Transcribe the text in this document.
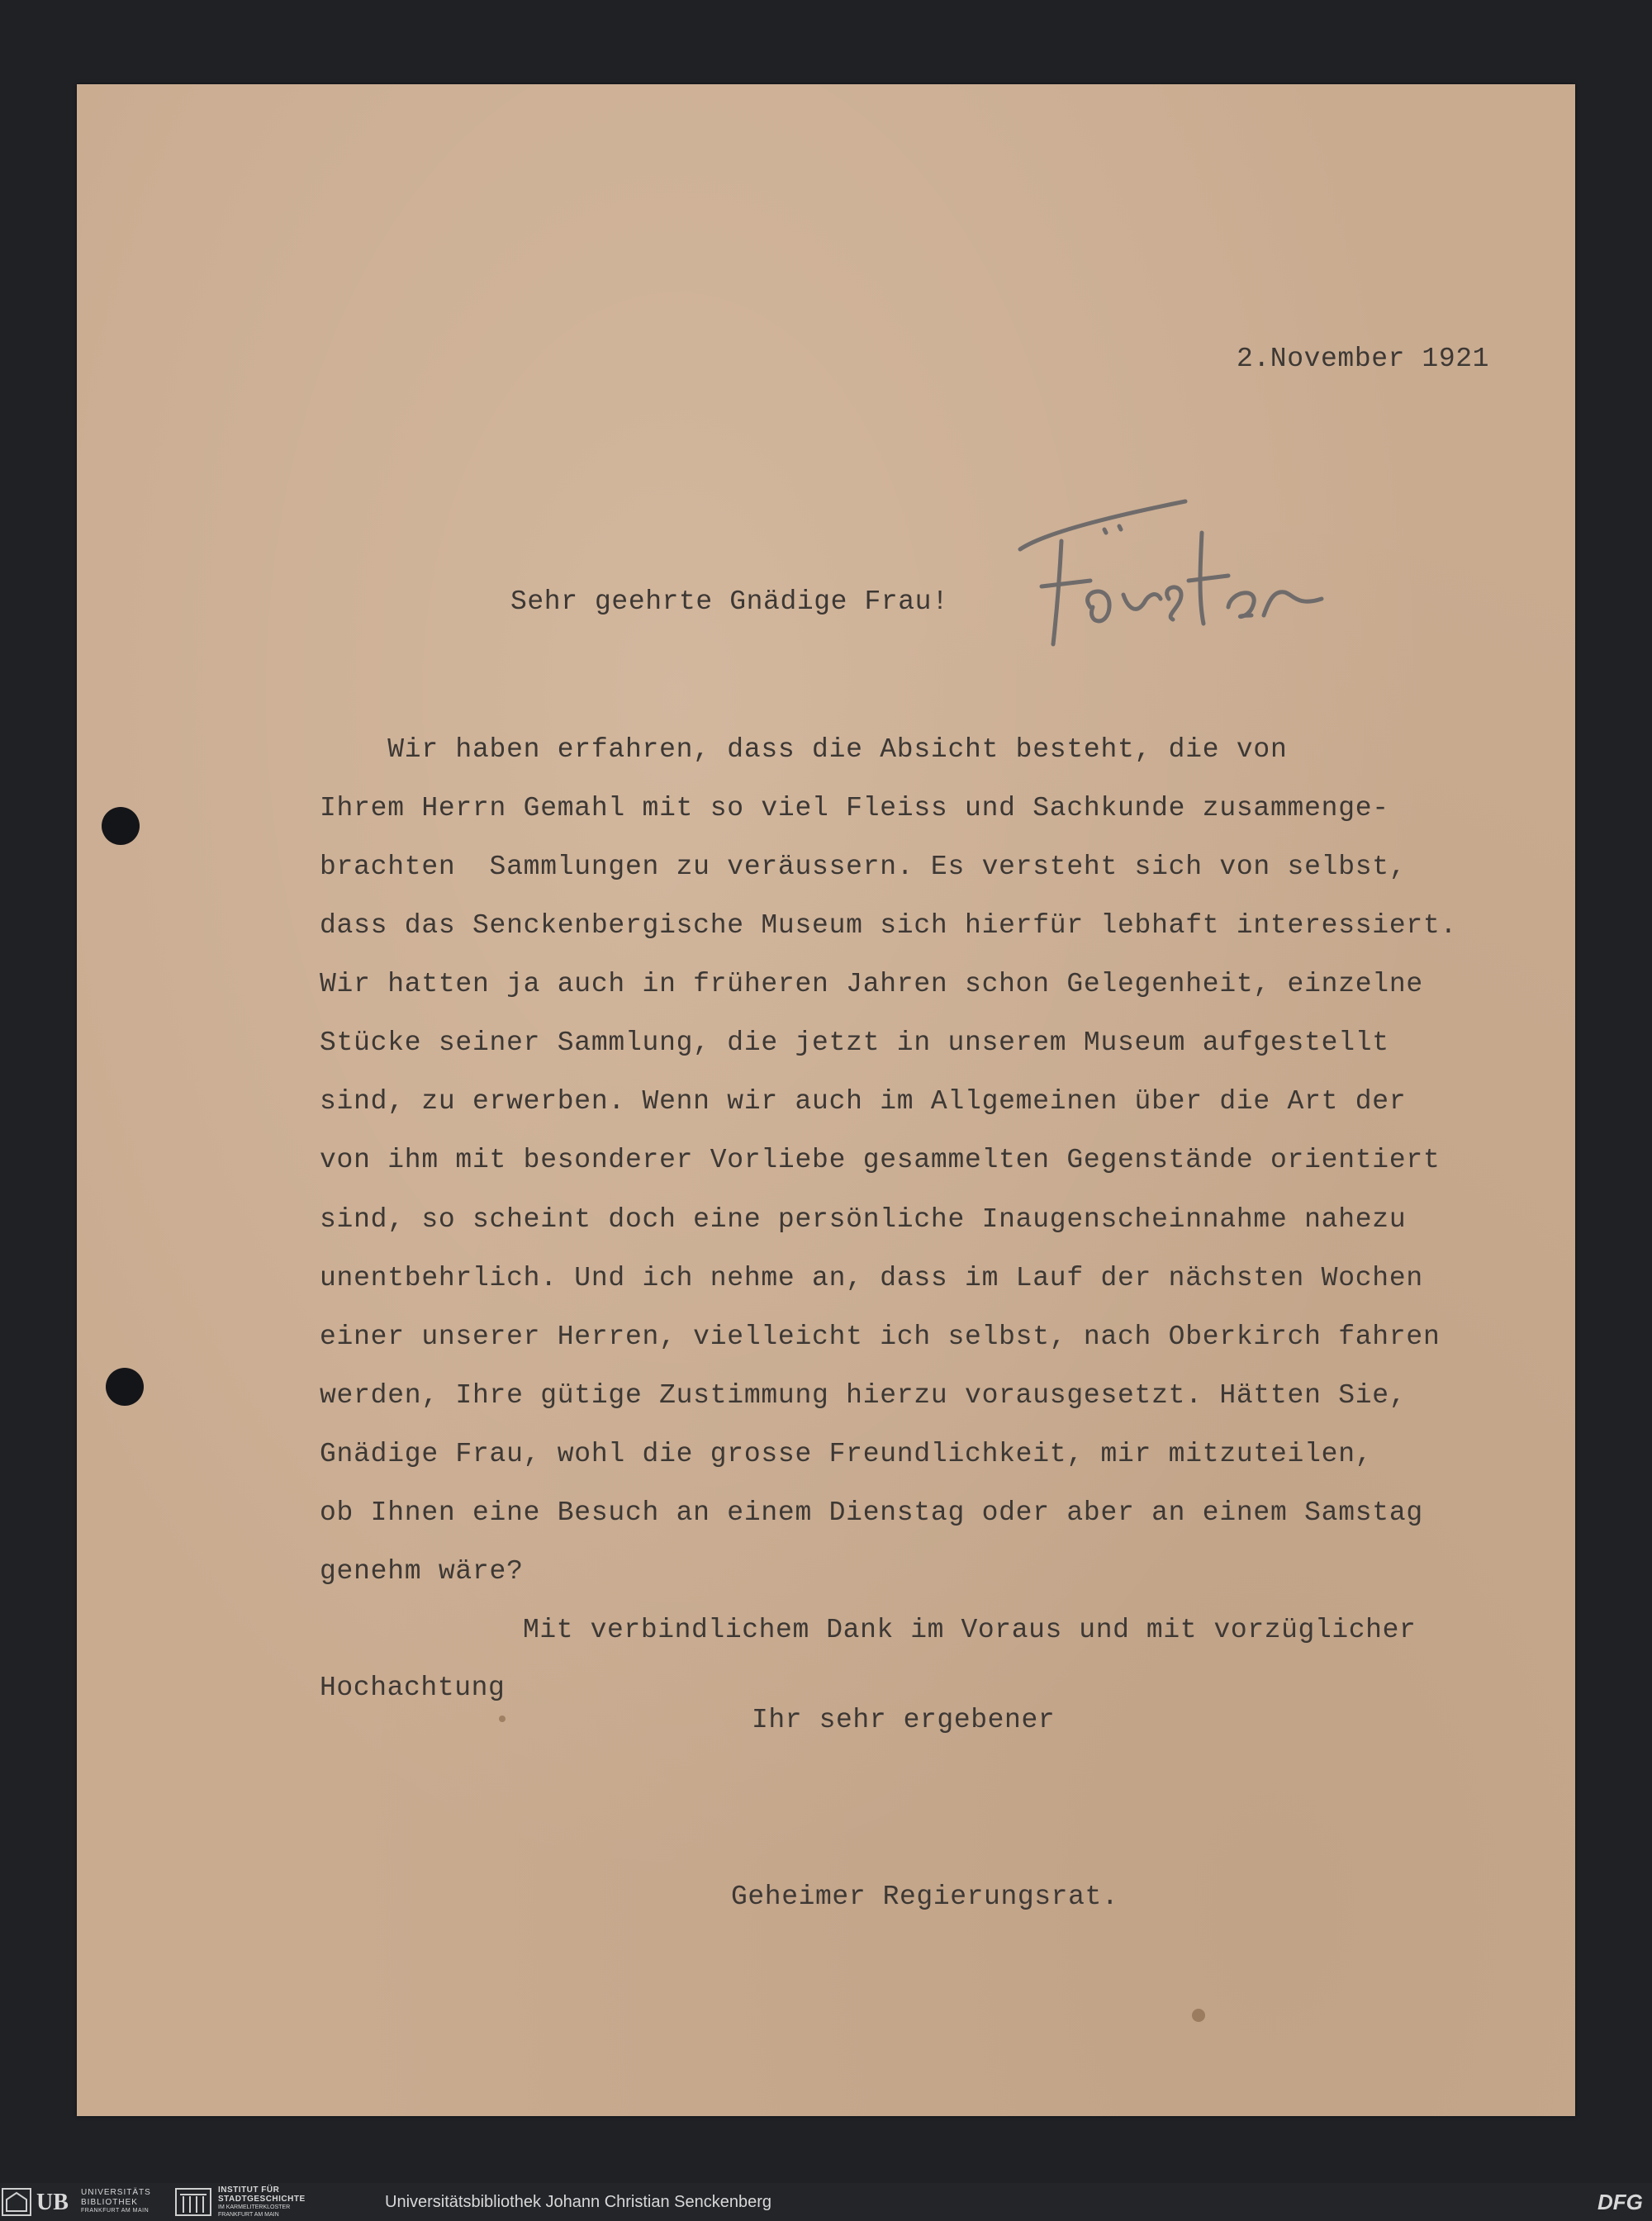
2.November 1921
Sehr geehrte Gnädige Frau!
Wir haben erfahren, dass die Absicht besteht, die von
Ihrem Herrn Gemahl mit so viel Fleiss und Sachkunde zusammenge-
brachten  Sammlungen zu veräussern. Es versteht sich von selbst,
dass das Senckenbergische Museum sich hierfür lebhaft interessiert.
Wir hatten ja auch in früheren Jahren schon Gelegenheit, einzelne
Stücke seiner Sammlung, die jetzt in unserem Museum aufgestellt
sind, zu erwerben. Wenn wir auch im Allgemeinen über die Art der
von ihm mit besonderer Vorliebe gesammelten Gegenstände orientiert
sind, so scheint doch eine persönliche Inaugenscheinnahme nahezu
unentbehrlich. Und ich nehme an, dass im Lauf der nächsten Wochen
einer unserer Herren, vielleicht ich selbst, nach Oberkirch fahren
werden, Ihre gütige Zustimmung hierzu vorausgesetzt. Hätten Sie,
Gnädige Frau, wohl die grosse Freundlichkeit, mir mitzuteilen,
ob Ihnen eine Besuch an einem Dienstag oder aber an einem Samstag
genehm wäre?
Mit verbindlichem Dank im Voraus und mit vorzüglicher
Hochachtung
Ihr sehr ergebener
Geheimer Regierungsrat.
UB UNIVERSITÄTS
BIBLIOTHEK
FRANKFURT AM MAIN
INSTITUT FÜR
STADTGESCHICHTE
IM KARMELITERKLOSTER
FRANKFURT AM MAIN
Universitätsbibliothek Johann Christian Senckenberg	DFG
